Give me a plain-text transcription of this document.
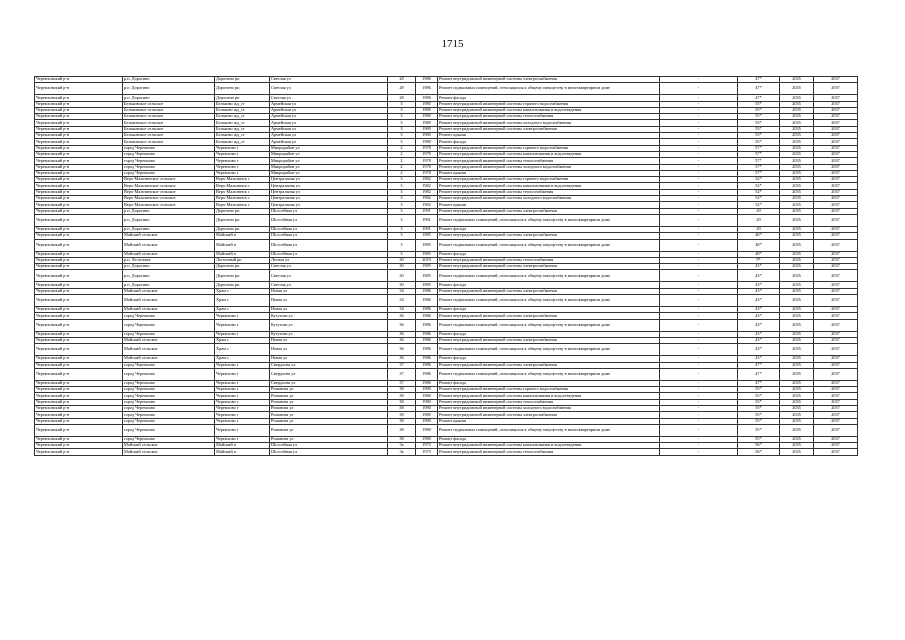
1715
Черемховский р-н	р.п. Дорогино	Дорогино рп	Светлая ул	28	1986	Ремонт внутридомовой инженерной системы электроснабжения	-	47*	2035	2037
Черемховский р-н	р.п. Дорогино	Дорогино рп	Светлая ул	28	1986	Ремонт подвальных помещений, относящихся к общему имуществу в многоквартирном доме	-	47*	2035	2037
Черемховский р-н	р.п. Дорогино	Дорогино рп	Светлая ул	28	1986	Ремонт фасада	-	47*	2035	2037
Черемховский р-н	Бельковское сельское	Бельково жд_ст	Армейская ул	3	1980	Ремонт внутридомовой инженерной системы горячего водоснабжения	-	55*	2035	2037
Черемховский р-н	Бельковское сельское	Бельково жд_ст	Армейская ул	3	1980	Ремонт внутридомовой инженерной системы канализования и водоотведения	-	55*	2035	2037
Черемховский р-н	Бельковское сельское	Бельково жд_ст	Армейская ул	3	1980	Ремонт внутридомовой инженерной системы теплоснабжения	-	55*	2035	2037
Черемховский р-н	Бельковское сельское	Бельково жд_ст	Армейская ул	3	1980	Ремонт внутридомовой инженерной системы холодного водоснабжения	-	55*	2035	2037
Черемховский р-н	Бельковское сельское	Бельково жд_ст	Армейская ул	3	1980	Ремонт внутридомовой инженерной системы электроснабжения	-	55*	2035	2037
Черемховский р-н	Бельковское сельское	Бельково жд_ст	Армейская ул	3	1980	Ремонт крыши	-	55*	2035	2037
Черемховский р-н	Бельковское сельское	Бельково жд_ст	Армейская ул	3	1980	Ремонт фасада	-	55*	2035	2037
Черемховский р-н	город Черемхово	Черемхово г	Микрорайон ул	2	1978	Ремонт внутридомовой инженерной системы горячего водоснабжения	-	57*	2035	2037
Черемховский р-н	город Черемхово	Черемхово г	Микрорайон ул	2	1978	Ремонт внутридомовой инженерной системы канализования и водоотведения	-	57*	2035	2037
Черемховский р-н	город Черемхово	Черемхово г	Микрорайон ул	2	1978	Ремонт внутридомовой инженерной системы теплоснабжения	-	57*	2035	2037
Черемховский р-н	город Черемхово	Черемхово г	Микрорайон ул	2	1978	Ремонт внутридомовой инженерной системы холодного водоснабжения	-	57*	2035	2037
Черемховский р-н	город Черемхово	Черемхово г	Микрорайон ул	2	1978	Ремонт крыши	-	57*	2035	2037
Черемховский р-н	Верх-Мальтинское сельское	Верх-Мальтинск с	Центральная ул	3	1982	Ремонт внутридомовой инженерной системы горячего водоснабжения	-	52*	2035	2037
Черемховский р-н	Верх-Мальтинское сельское	Верх-Мальтинск с	Центральная ул	3	1982	Ремонт внутридомовой инженерной системы канализования и водоотведения	-	52*	2035	2037
Черемховский р-н	Верх-Мальтинское сельское	Верх-Мальтинск с	Центральная ул	3	1982	Ремонт внутридомовой инженерной системы теплоснабжения	-	52*	2035	2037
Черемховский р-н	Верх-Мальтинское сельское	Верх-Мальтинск с	Центральная ул	3	1982	Ремонт внутридомовой инженерной системы холодного водоснабжения	-	52*	2035	2037
Черемховский р-н	Верх-Мальтинское сельское	Верх-Мальтинск с	Центральная ул	3	1982	Ремонт крыши	-	52*	2035	2037
Черемховский р-н	р.п. Дорогино	Дорогино рп	Шоссейная ул	3	1991	Ремонт внутридомовой инженерной системы электроснабжения	-	29	2035	2037
Черемховский р-н	р.п. Дорогино	Дорогино рп	Шоссейная ул	3	1991	Ремонт подвальных помещений, относящихся к общему имуществу в многоквартирном доме	-	29	2035	2037
Черемховский р-н	р.п. Дорогино	Дорогино рп	Шоссейная ул	3	1991	Ремонт фасада	-	29	2035	2037
Черемховский р-н	Майский сельское	Майский п	Шоссейная ул	3	1985	Ремонт внутридомовой инженерной системы электроснабжения	-	48*	2035	2037
Черемховский р-н	Майский сельское	Майский п	Шоссейная ул	3	1985	Ремонт подвальных помещений, относящихся к общему имуществу в многоквартирном доме	-	48*	2035	2037
Черемховский р-н	Майский сельское	Майский п	Шоссейная ул	3	1985	Ремонт фасада	-	48*	2035	2037
Черемховский р-н	р.п. Лесхозная	Лесхозный рп	Лесная ул	30	2019	Ремонт внутридомовой инженерной системы теплоснабжения	-	9*	2035	2037
Черемховский р-н	р.п. Дорогино	Дорогино рп	Светлая ул	30	1985	Ремонт внутридомовой инженерной системы электроснабжения	-	43*	2035	2037
Черемховский р-н	р.п. Дорогино	Дорогино рп	Светлая ул	30	1985	Ремонт подвальных помещений, относящихся к общему имуществу в многоквартирном доме	-	43*	2035	2037
Черемховский р-н	р.п. Дорогино	Дорогино рп	Светлая ул	30	1985	Ремонт фасада	-	43*	2035	2037
Черемховский р-н	Майский сельское	Храм с	Новая ул	34	1986	Ремонт внутридомовой инженерной системы электроснабжения	-	43*	2035	2037
Черемховский р-н	Майский сельское	Храм с	Новая ул	34	1986	Ремонт подвальных помещений, относящихся к общему имуществу в многоквартирном доме	-	43*	2035	2037
Черемховский р-н	Майский сельское	Храм с	Новая ул	34	1986	Ремонт фасада	-	43*	2035	2037
Черемховский р-н	город Черемхово	Черемхово г	Кутузова ул	36	1986	Ремонт внутридомовой инженерной системы электроснабжения	-	43*	2035	2037
Черемховский р-н	город Черемхово	Черемхово г	Кутузова ул	36	1986	Ремонт подвальных помещений, относящихся к общему имуществу в многоквартирном доме	-	43*	2035	2037
Черемховский р-н	город Черемхово	Черемхово г	Кутузова ул	36	1986	Ремонт фасада	-	43*	2035	2037
Черемховский р-н	Майский сельское	Храм с	Новая ул	36	1986	Ремонт внутридомовой инженерной системы электроснабжения	-	43*	2035	2037
Черемховский р-н	Майский сельское	Храм с	Новая ул	36	1986	Ремонт подвальных помещений, относящихся к общему имуществу в многоквартирном доме	-	43*	2035	2037
Черемховский р-н	Майский сельское	Храм с	Новая ул	36	1986	Ремонт фасада	-	43*	2035	2037
Черемховский р-н	город Черемхово	Черемхово г	Свердлова ул	37	1986	Ремонт внутридомовой инженерной системы электроснабжения	-	47*	2035	2037
Черемховский р-н	город Черемхово	Черемхово г	Свердлова ул	37	1986	Ремонт подвальных помещений, относящихся к общему имуществу в многоквартирном доме	-	47*	2035	2037
Черемховский р-н	город Черемхово	Черемхово г	Свердлова ул	37	1986	Ремонт фасада	-	47*	2035	2037
Черемховский р-н	город Черемхово	Черемхово г	Романова ул	38	1980	Ремонт внутридомовой инженерной системы горячего водоснабжения	-	55*	2035	2037
Черемховский р-н	город Черемхово	Черемхово г	Романова ул	38	1980	Ремонт внутридомовой инженерной системы канализования и водоотведения	-	55*	2035	2037
Черемховский р-н	город Черемхово	Черемхово г	Романова ул	38	1980	Ремонт внутридомовой инженерной системы теплоснабжения	-	55*	2035	2037
Черемховский р-н	город Черемхово	Черемхово г	Романова ул	38	1980	Ремонт внутридомовой инженерной системы холодного водоснабжения	-	55*	2035	2037
Черемховский р-н	город Черемхово	Черемхово г	Романова ул	38	1980	Ремонт внутридомовой инженерной системы электроснабжения	-	55*	2035	2037
Черемховский р-н	город Черемхово	Черемхово г	Романова ул	38	1980	Ремонт крыши	-	55*	2035	2037
Черемховский р-н	город Черемхово	Черемхово г	Романова ул	38	1980	Ремонт подвальных помещений, относящихся к общему имуществу в многоквартирном доме	-	55*	2035	2037
Черемховский р-н	город Черемхово	Черемхово г	Романова ул	38	1980	Ремонт фасада	-	55*	2035	2037
Черемховский р-н	Майский сельское	Майский п	Шоссейная ул	3а	1975	Ремонт внутридомовой инженерной системы канализования и водоотведения	-	56*	2035	2037
Черемховский р-н	Майский сельское	Майский п	Шоссейная ул	3а	1975	Ремонт внутридомовой инженерной системы теплоснабжения	-	56*	2035	2037
